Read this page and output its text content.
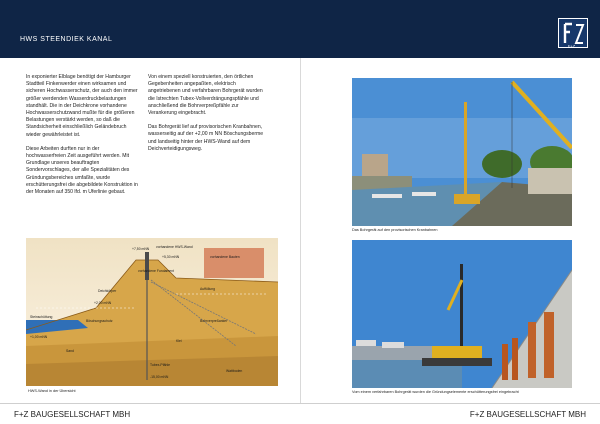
HWS STEENDIEK KANAL
F+Z

In exponierter Elblage benötigt der Hamburger Stadtteil Finkenwerder einen wirksamen und sicheren Hochwasserschutz, der auch den immer größer werdenden Wasserdruckbelastungen standhält. Die in der Deichkrone vorhandene Hochwasserschutzwand mußte für die größeren Belastungen verstärkt werden, so daß die Standsicherheit einschließlich Geländebruch wieder gewährleistet ist.

Diese Arbeiten durften nur in der hochwasserfreien Zeit ausgeführt werden. Mit Grundlage unseres beauftragten Sondervorschlages, der alle Spezialitäten des Gründungsbereiches umfaßte, wurde erschütterungsfrei die abgebildete Konstruktion in der Monaten auf 350 lfd. m Uferlinie gebaut.

Von einem speziell konstruierten, den örtlichen Gegebenheiten angepaßten, elektrisch angetriebenen und verfahrbaren Bohrgerät wurden die Istrechten Tubex-Vollverdrängungspfähle und anschließend die Bohrverpreßpfähle zur Verankerung eingebracht.

Das Bohrgerät lief auf provisorischen Kranbahnen, wasserseitig auf der +2,00 m NN Böschungsberme und landseitig hinter der HWS-Wand auf dem Deichverteidigungsweg.

+7,50 mNN vorhandene HWS-Wand
+5,30 mNN	vorhandene Bauten
vorhandene Fundament
Deichkörper
+2,00 mNN
Steinschüttung
+1,00 mNN
Böschungsschutz
Auffüllung
Bohrverpreßanker
Klei
Sand
Tubex-Pfähle
-15,00 mNN
Wattboden
HWS-Wand in der Übersicht
Das Bohrgerät auf den provisorischen Kranbahnen
Vom einem verfahrbaren Bohrgerät wurden die Gründungselemente erschütterungsfrei eingebracht
F+Z BAUGESELLSCHAFT MBH	F+Z BAUGESELLSCHAFT MBH
